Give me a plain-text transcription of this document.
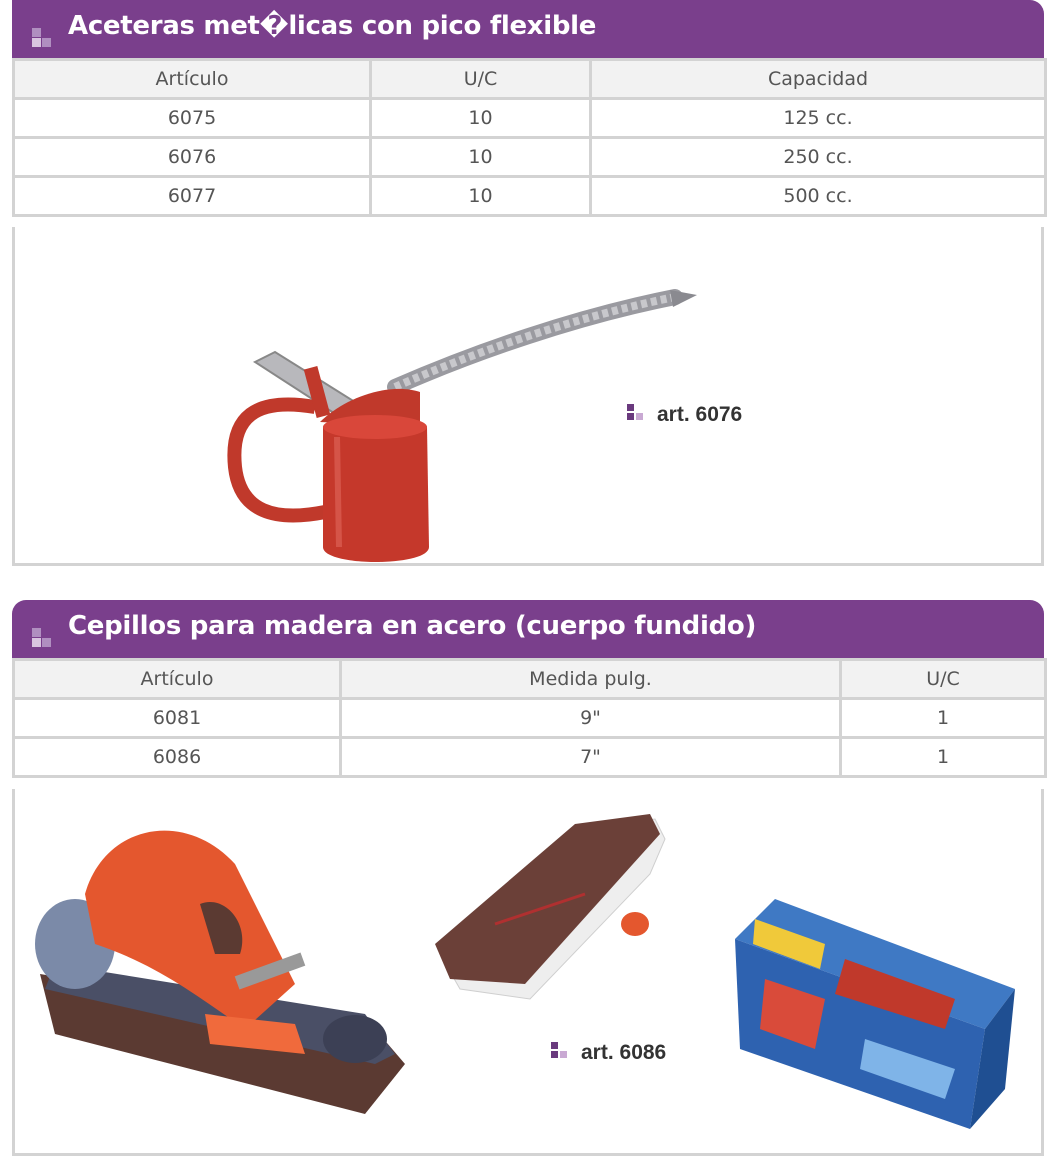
Aceteras met�licas con pico flexible
Artículo	U/C	Capacidad
6075	10	125 cc.
6076	10	250 cc.
6077	10	500 cc.
art. 6076
Cepillos para madera en acero (cuerpo fundido)
Artículo	Medida pulg.	U/C
6081	9"	1
6086	7"	1
art. 6086
